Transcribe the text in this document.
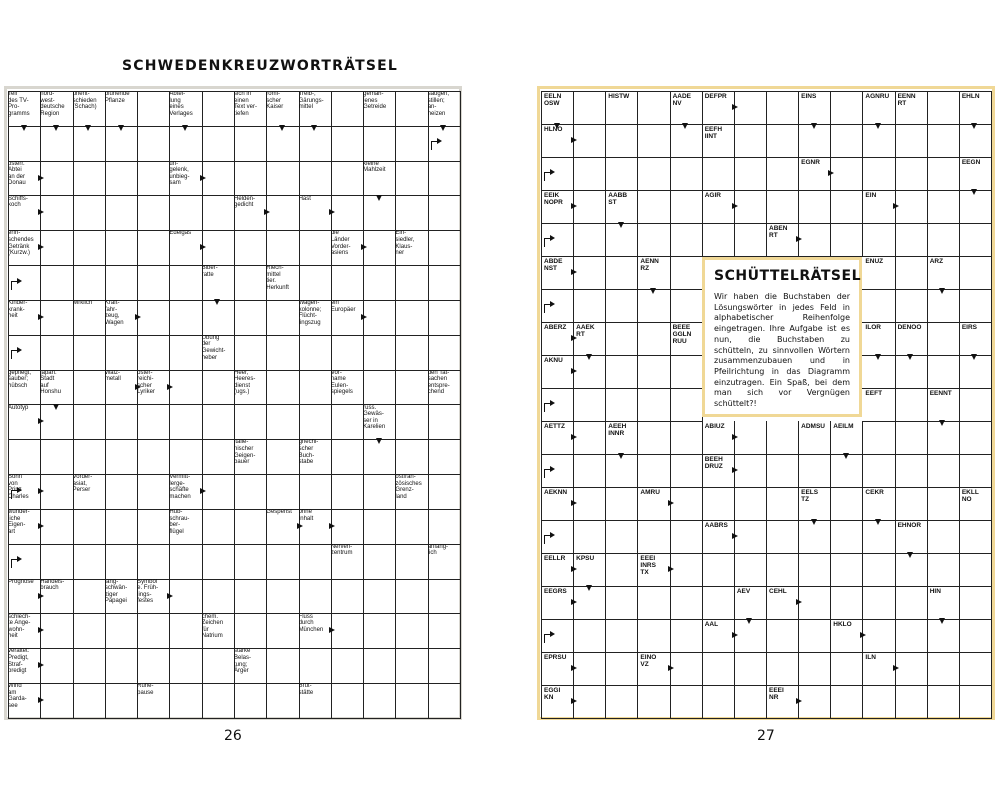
SCHWEDENKREUZWORTRÄTSEL
Teil
des TV-
Pro-
gramms
nord-
west-
deutsche
Region
unent-
schieden
(Schach)
blühende
Pflanze
Abtei-
lung
eines
Verlages
sich in
einen
Text ver-
tiefen
römi-
scher
Kaiser
Treib-,
Gärungs-
mittel
gemah-
lenes
Getreide
säugen,
stillen;
an-
heizen
österr.
Abtei
an der
Donau
un-
gelenk,
unbieg-
sam
kleine
Mahlzeit
Schiffs-
koch
Helden-
gedicht
Hast
erfri-
schendes
Getränk
(Kurzw.)
Edelgas	die
Länder
Vorder-
asiens
Ein-
siedler,
Klaus-
ner
Biber-
ratte
Riech-
mittel
tier.
Herkunft
Kinder-
krank-
heit
wirklich	Kraft-
fahr-
zeug,
Wagen
Wagen-
kolonne;
Flücht-
lingszug
ein
Europäer
Übung
der
Gewicht-
heber
gepflegt,
sauber;
hübsch
japan.
Stadt
auf
Honshu
Walz-
metall
öster-
reichi-
scher
Lyriker
Heer,
Heeres-
dienst
(ugs.)
Vor-
name
Eulen-
spiegels
den Tat-
sachen
entspre-
chend
Autotyp	russ.
Gewäs-
ser in
Karelien
italie-
nischer
Geigen-
bauer
griechi-
scher
Buch-
stabe
Sohn
von
Prinz
Charles
Vorder-
asiat,
Perser
Vermitt-
lerge-
schäfte
machen
ostfran-
zösisches
Grenz-
land
wunder-
liche
Eigen-
art
Hub-
schrau-
ber-
flügel
Gespenst	ohne
Inhalt
Nerven-
zentrum
anfäng-
lich
Prognose	Handels-
brauch
lang-
schwän-
ziger
Papagei
Symbol
e. Früh-
lings-
festes
schlech-
te Ange-
wohn-
heit
chem.
Zeichen
für
Natrium
Fluss
durch
München
veraltet:
Predigt,
Straf-
predigt
starke
Belas-
tung;
Ärger
Wind
am
Garda-
see
Ruhe-
pause
Brut-
stätte
EELN
OSW
HISTW	AADE
NV
DEFPR	EINS	AGNRU	EENN
RT
EHLN
HLNO	EEFH
IINT
EGNR	EEGN
EEIK
NOPR
AABB
ST
AGIR	EIN
ABEN
RT
ABDE
NST
AENN
RZ
ENUZ	ARZ
ABERZ	AAEK
RT
BEEE
GGLN
RUU
ILOR	DENOO	EIRS
AKNU
EEFT	EENNT
AETTZ	AEEH
INNR
ABIUZ	ADMSU	AEILM
BEEH
DRUZ
AEKNN	AMRU	EELS
TZ
CEKR	EKLL
NO
AABRS	EHNOR
EELLR	KPSU	EEEI
INRS
TX
EEGRS	AEV	CEHL	HIN
AAL	HKLO
EPRSU	EINO
VZ
ILN
EGGI
KN
EEEI
NR
SCHÜTTELRÄTSEL
Wir haben die Buchstaben der Lösungswörter in jedes Feld in alphabetischer Reihenfolge eingetragen. Ihre Aufgabe ist es nun, die Buchstaben zu schütteln, zu sinnvollen Wörtern zusammenzubauen und in Pfeilrichtung in das Diagramm einzutragen. Ein Spaß, bei dem man sich vor Vergnügen schüttelt?!
26	27
